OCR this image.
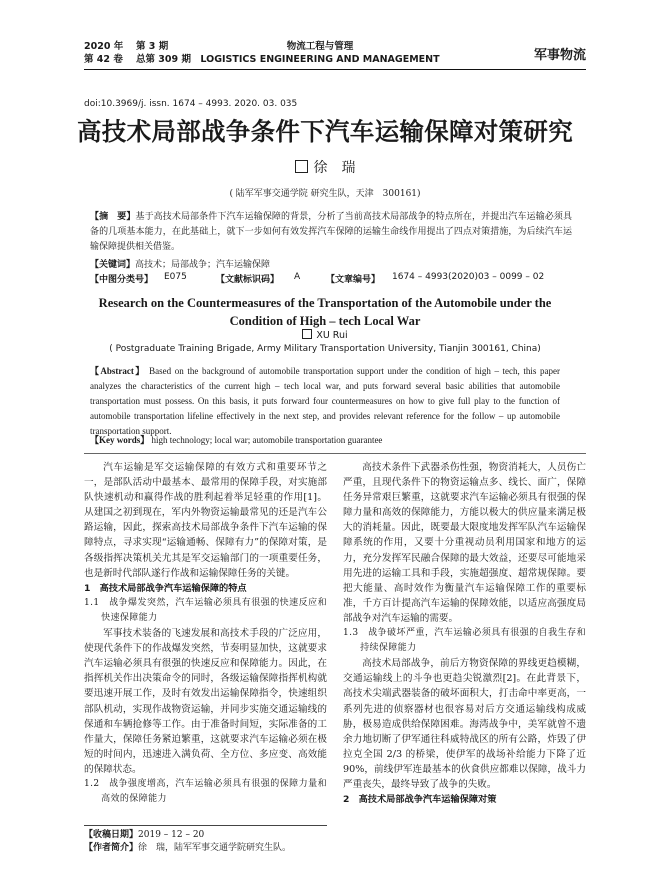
2020 年 第 3 期
第 42 卷 总第 309 期
物流工程与管理
LOGISTICS ENGINEERING AND MANAGEMENT	军事物流
doi:10.3969/j. issn. 1674 – 4993. 2020. 03. 035
高技术局部战争条件下汽车运输保障对策研究
徐　瑞
( 陆军军事交通学院 研究生队，天津　300161)
【摘　要】基于高技术局部条件下汽车运输保障的背景，分析了当前高技术局部战争的特点所在，并提出汽车运输必须具备的几项基本能力，在此基础上，就下一步如何有效发挥汽车保障的运输生命线作用提出了四点对策措施，为后续汽车运输保障提供相关借鉴。
【关键词】高技术；局部战争；汽车运输保障
【中图分类号】 E075	【文献标识码】 A	【文章编号】 1674 – 4993(2020)03 – 0099 – 02
Research on the Countermeasures of the Transportation of the Automobile under the Condition of High – tech Local War
XU Rui
( Postgraduate Training Brigade, Army Military Transportation University, Tianjin 300161, China)
【Abstract】 Based on the background of automobile transportation support under the condition of high – tech, this paper analyzes the characteristics of the current high – tech local war, and puts forward several basic abilities that automobile transportation must possess. On this basis, it puts forward four countermeasures on how to give full play to the function of automobile transportation lifeline effectively in the next step, and provides relevant reference for the follow – up automobile transportation support.
【Key words】 high technology; local war; automobile transportation guarantee

汽车运输是军交运输保障的有效方式和重要环节之一，是部队活动中最基本、最常用的保障手段，对实施部队快速机动和赢得作战的胜利起着举足轻重的作用[1]。从建国之初到现在，军内外物资运输最常见的还是汽车公路运输，因此，探索高技术局部战争条件下汽车运输的保障特点，寻求实现“运输通畅、保障有力”的保障对策，是各级指挥决策机关尤其是军交运输部门的一项重要任务，也是新时代部队遂行作战和运输保障任务的关键。

1　高技术局部战争汽车运输保障的特点

1.1　战争爆发突然，汽车运输必须具有很强的快速反应和快速保障能力

军事技术装备的飞速发展和高技术手段的广泛应用，使现代条件下的作战爆发突然，节奏明显加快，这就要求汽车运输必须具有很强的快速反应和保障能力。因此，在指挥机关作出决策命令的同时，各级运输保障指挥机构就要迅速开展工作，及时有效发出运输保障指令，快速组织部队机动，实现作战物资运输，并同步实施交通运输线的保通和车辆抢修等工作。由于准备时间短，实际准备的工作量大，保障任务紧迫繁重，这就要求汽车运输必须在极短的时间内，迅速进入满负荷、全方位、多应变、高效能的保障状态。

1.2　战争强度增高，汽车运输必须具有很强的保障力量和高效的保障能力

高技术条件下武器杀伤性强，物资消耗大，人员伤亡严重，且现代条件下的物资运输点多、线长、面广，保障任务异常艰巨繁重，这就要求汽车运输必须具有很强的保障力量和高效的保障能力，方能以极大的供应量来满足极大的消耗量。因此，既要最大限度地发挥军队汽车运输保障系统的作用，又要十分重视动员利用国家和地方的运力，充分发挥军民融合保障的最大效益，还要尽可能地采用先进的运输工具和手段，实施超强度、超常规保障。要把大能量、高时效作为衡量汽车运输保障工作的重要标准，千方百计提高汽车运输的保障效能，以适应高强度局部战争对汽车运输的需要。

1.3　战争破坏严重，汽车运输必须具有很强的自我生存和持续保障能力

高技术局部战争，前后方物资保障的界线更趋模糊，交通运输线上的斗争也更趋尖锐激烈[2]。在此背景下，高技术尖端武器装备的破坏面积大，打击命中率更高，一系列先进的侦察器材也很容易对后方交通运输线构成威胁，极易造成供给保障困难。海湾战争中，美军就曾不遗余力地切断了伊军通往科威特战区的所有公路，炸毁了伊拉克全国 2/3 的桥梁，使伊军的战场补给能力下降了近 90%，前线伊军连最基本的伙食供应都难以保障，战斗力严重丧失，最终导致了战争的失败。

2　高技术局部战争汽车运输保障对策

【收稿日期】2019 – 12 – 20
【作者简介】徐　瑞，陆军军事交通学院研究生队。
